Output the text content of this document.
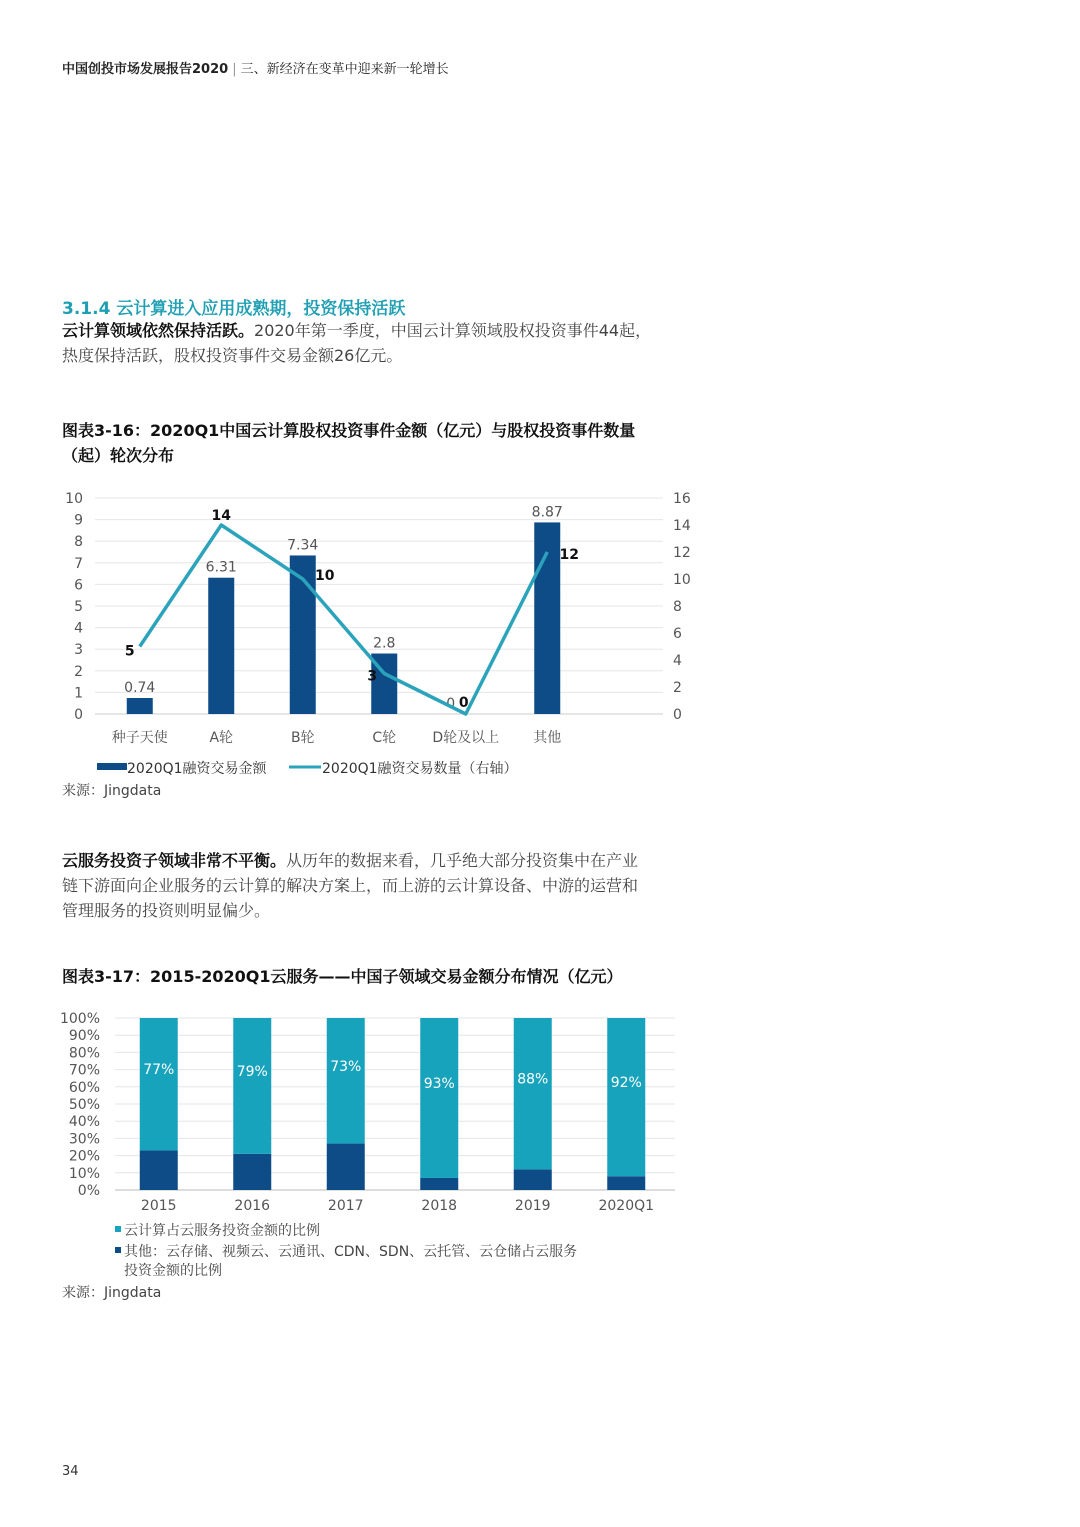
中国创投市场发展报告2020 | 三、新经济在变革中迎来新一轮增长
3.1.4 云计算进入应用成熟期，投资保持活跃
云计算领域依然保持活跃。2020年第一季度，中国云计算领域股权投资事件44起，
热度保持活跃，股权投资事件交易金额26亿元。
图表3-16：2020Q1中国云计算股权投资事件金额（亿元）与股权投资事件数量
（起）轮次分布
0
1
2
3
4
5
6
7
8
9
10
0
2
4
6
8
10
12
14
16
0.74
6.31
7.34
2.8
0
8.87
5
14
10
3
0
12
种子天使	A轮	B轮	C轮	D轮及以上 其他
2020Q1融资交易金额	2020Q1融资交易数量（右轴）
来源：Jingdata
云服务投资子领域非常不平衡。从历年的数据来看，几乎绝大部分投资集中在产业
链下游面向企业服务的云计算的解决方案上，而上游的云计算设备、中游的运营和
管理服务的投资则明显偏少。
图表3-17：2015-2020Q1云服务——中国子领域交易金额分布情况（亿元）
0%
10%
20%
30%
40%
50%
60%
70%
80%
90%
100%
77%	79%	73%
93%	88%	92%
2015	2016	2017	2018	2019	2020Q1
云计算占云服务投资金额的比例
其他：云存储、视频云、云通讯、CDN、SDN、云托管、云仓储占云服务
投资金额的比例
来源：Jingdata
34
